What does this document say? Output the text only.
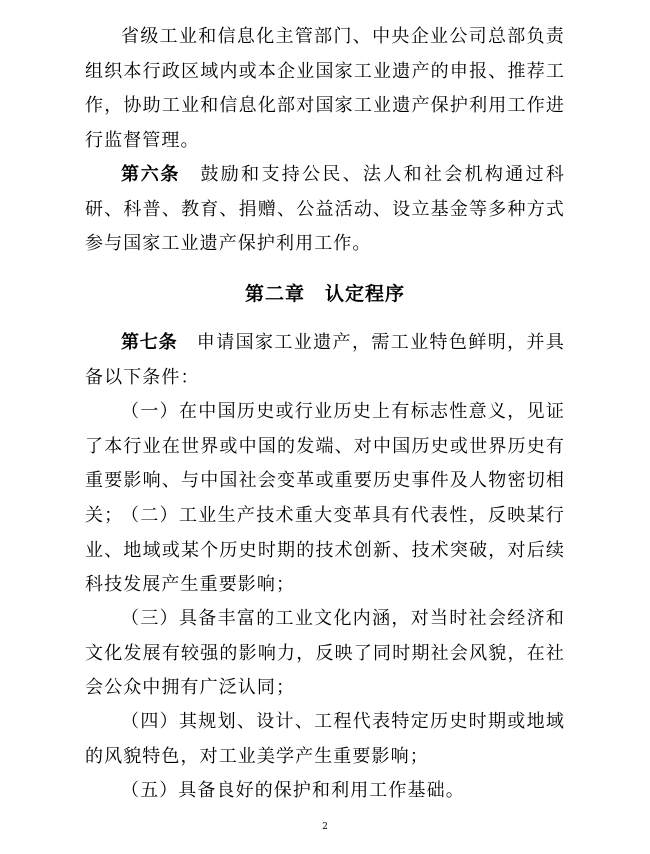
省级工业和信息化主管部门、中央企业公司总部负责组织本行政区域内或本企业国家工业遗产的申报、推荐工作，协助工业和信息化部对国家工业遗产保护利用工作进行监督管理。

第六条　 鼓励和支持公民、法人和社会机构通过科研、科普、教育、捐赠、公益活动、设立基金等多种方式参与国家工业遗产保护利用工作。

第二章　认定程序

第七条　 申请国家工业遗产，需工业特色鲜明，并具备以下条件：

（一）在中国历史或行业历史上有标志性意义，见证了本行业在世界或中国的发端、对中国历史或世界历史有重要影响、与中国社会变革或重要历史事件及人物密切相关；

（二）工业生产技术重大变革具有代表性，反映某行业、地域或某个历史时期的技术创新、技术突破，对后续科技发展产生重要影响；

（三）具备丰富的工业文化内涵，对当时社会经济和文化发展有较强的影响力，反映了同时期社会风貌，在社会公众中拥有广泛认同；

（四）其规划、设计、工程代表特定历史时期或地域的风貌特色，对工业美学产生重要影响；

（五）具备良好的保护和利用工作基础。

2
